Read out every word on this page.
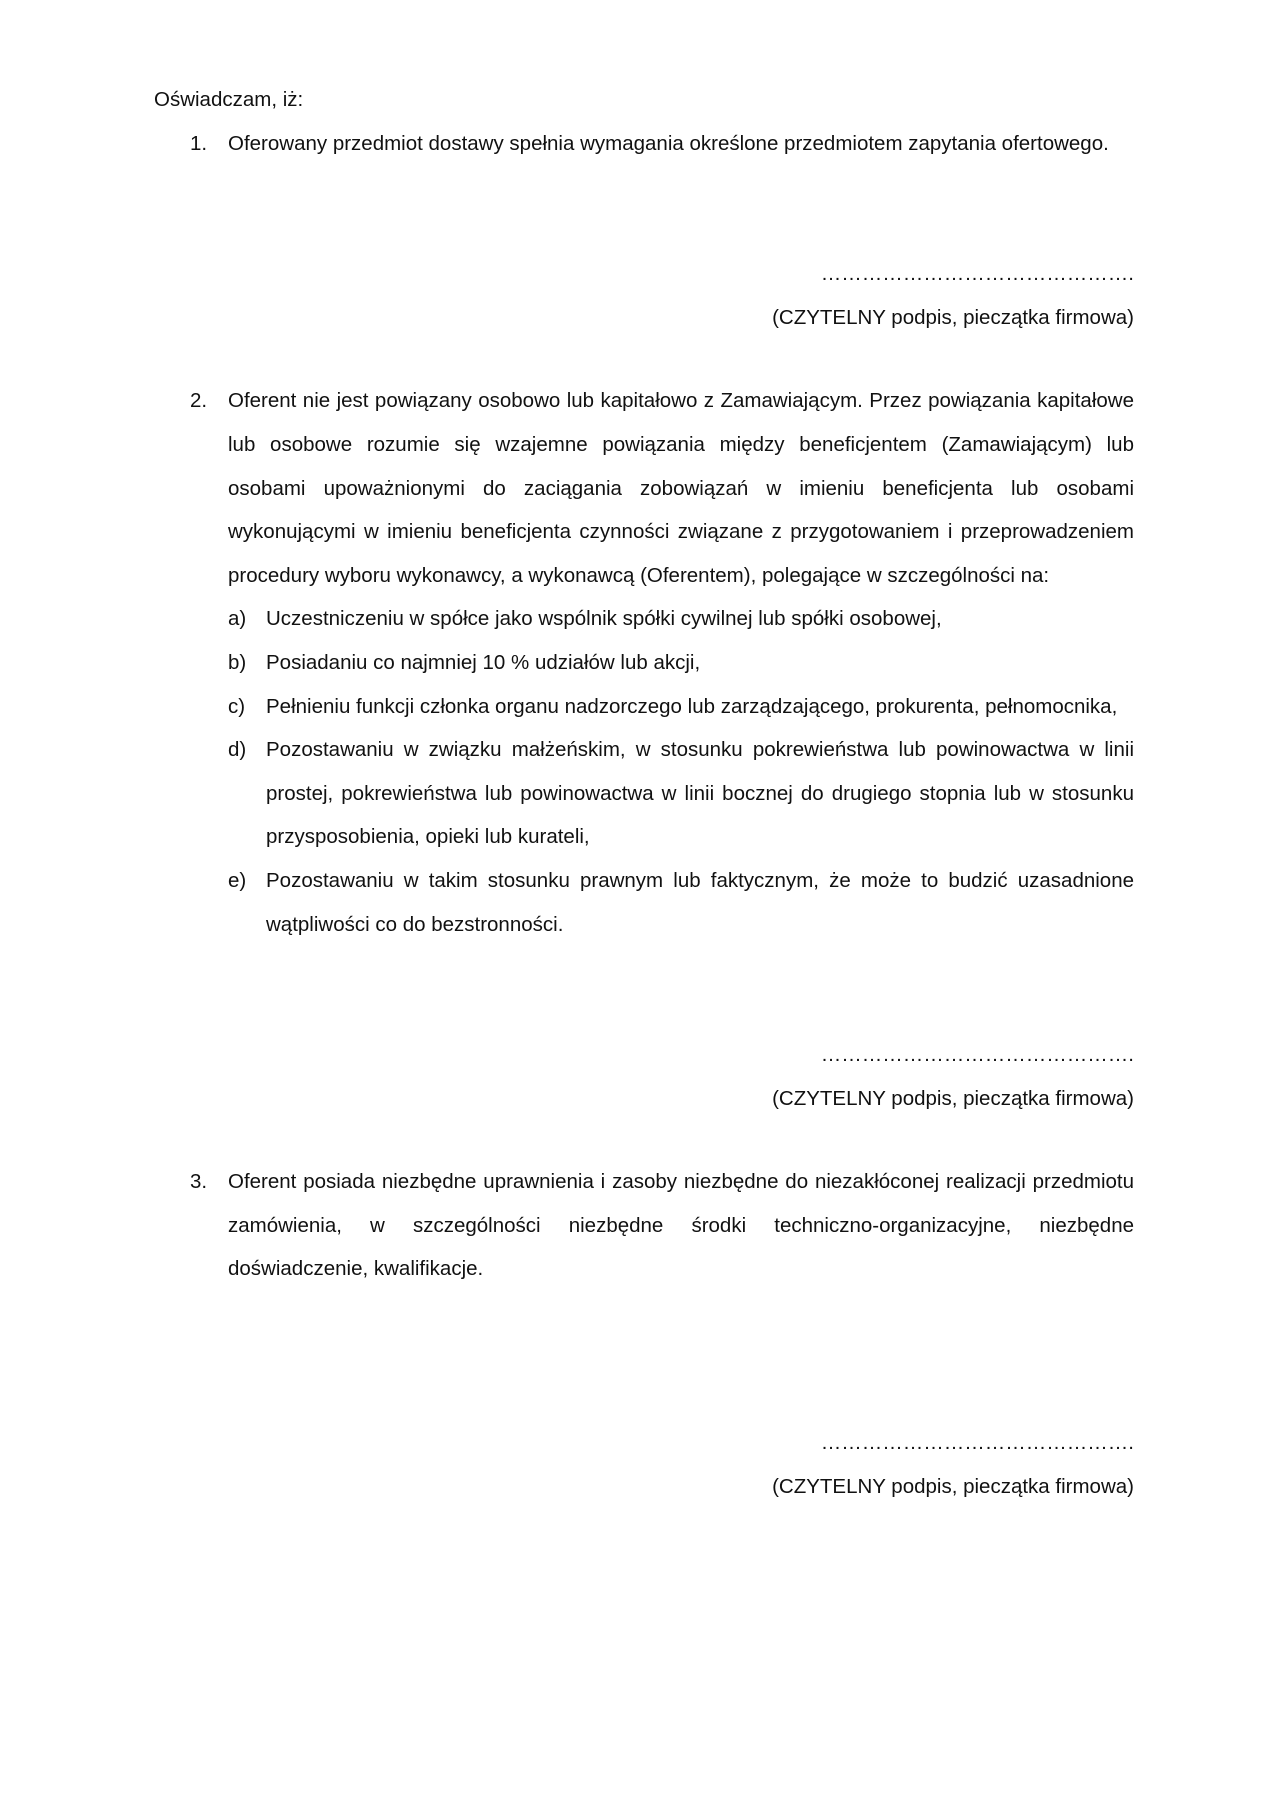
Oświadczam, iż:

1.	Oferowany przedmiot dostawy spełnia wymagania określone przedmiotem zapytania ofertowego.
……………………………………….
(CZYTELNY podpis, pieczątka firmowa)
2.	Oferent nie jest powiązany osobowo lub kapitałowo z Zamawiającym. Przez powiązania kapitałowe lub osobowe rozumie się wzajemne powiązania między beneficjentem (Zamawiającym) lub osobami upoważnionymi do zaciągania zobowiązań w imieniu beneficjenta lub osobami wykonującymi w imieniu beneficjenta czynności związane z przygotowaniem i przeprowadzeniem procedury wyboru wykonawcy, a wykonawcą (Oferentem), polegające w szczególności na:
a) Uczestniczeniu w spółce jako wspólnik spółki cywilnej lub spółki osobowej,
b) Posiadaniu co najmniej 10 % udziałów lub akcji,
c)	Pełnieniu funkcji członka organu nadzorczego lub zarządzającego, prokurenta, pełnomocnika,
d) Pozostawaniu w związku małżeńskim, w stosunku pokrewieństwa lub powinowactwa w linii prostej, pokrewieństwa lub powinowactwa w linii bocznej do drugiego stopnia lub w stosunku przysposobienia, opieki lub kurateli,
e) Pozostawaniu w takim stosunku prawnym lub faktycznym, że może to budzić uzasadnione wątpliwości co do bezstronności.
……………………………………….
(CZYTELNY podpis, pieczątka firmowa)
3.	Oferent posiada niezbędne uprawnienia i zasoby niezbędne do niezakłóconej realizacji przedmiotu zamówienia, w szczególności niezbędne środki techniczno-organizacyjne, niezbędne doświadczenie, kwalifikacje.
……………………………………….
(CZYTELNY podpis, pieczątka firmowa)
